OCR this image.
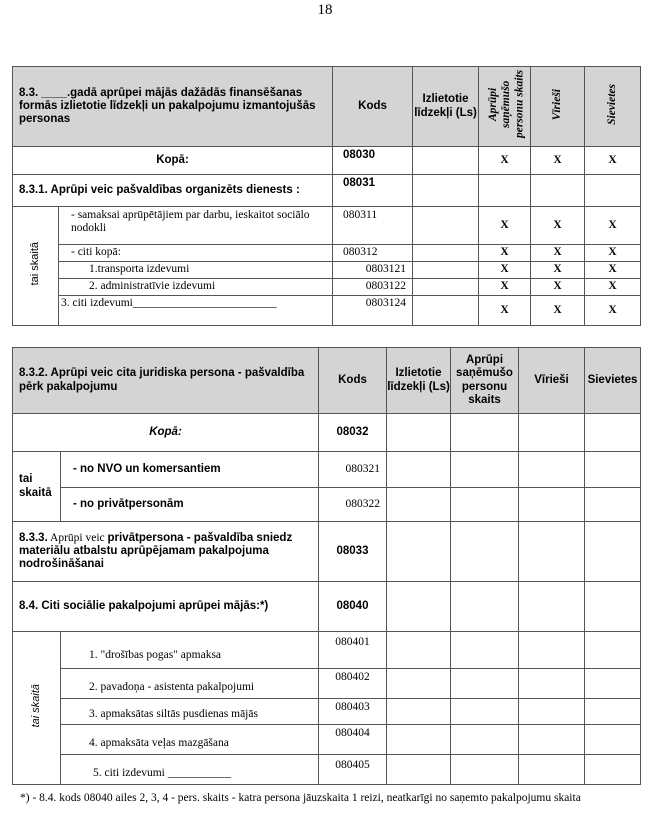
18
8.3. ____.gadā aprūpei mājās dažādās finansēšanas formās izlietotie līdzekļi un pakalpojumu izmantojušās personas		Kods	Izlietotie līdzekļi (Ls)	Aprūpi saņēmušo personu skaits	Vīrieši	Sievietes
Kopā:		08030		X	X	X
8.3.1. Aprūpi veic pašvaldības organizēts dienests :		08031				
tai skaitā	- samaksai aprūpētājiem par darbu, ieskaitot sociālo nodokli	080311		X	X	X
	- citi kopā:	080312		X	X	X
	1.transporta izdevumi	0803121		X	X	X
	2. administratīvie izdevumi	0803122		X	X	X
	3. citi izdevumi_________________________	0803124		X	X	X
8.3.2. Aprūpi veic cita juridiska persona - pašvaldība pērk pakalpojumu		Kods	Izlietotie līdzekļi (Ls)	Aprūpi saņēmušo personu skaits	Vīrieši	Sievietes
Kopā:		08032				
tai skaitā	- no NVO un komersantiem	080321				
	- no privātpersonām	080322				
8.3.3. Aprūpi veic privātpersona - pašvaldība sniedz materiālu atbalstu aprūpējamam pakalpojuma nodrošināšanai		08033				
8.4. Citi sociālie pakalpojumi aprūpei mājās:*)		08040				
tai skaitā	1. "drošības pogas" apmaksa	080401				
	2. pavadoņa - asistenta pakalpojumi	080402				
	3. apmaksātas siltās pusdienas mājās	080403				
	4. apmaksāta veļas mazgāšana	080404				
	5. citi izdevumi ___________	080405				
*) - 8.4. kods 08040 ailes 2, 3, 4 - pers. skaits - katra persona jāuzskaita 1 reizi, neatkarīgi no saņemto pakalpojumu skaita
